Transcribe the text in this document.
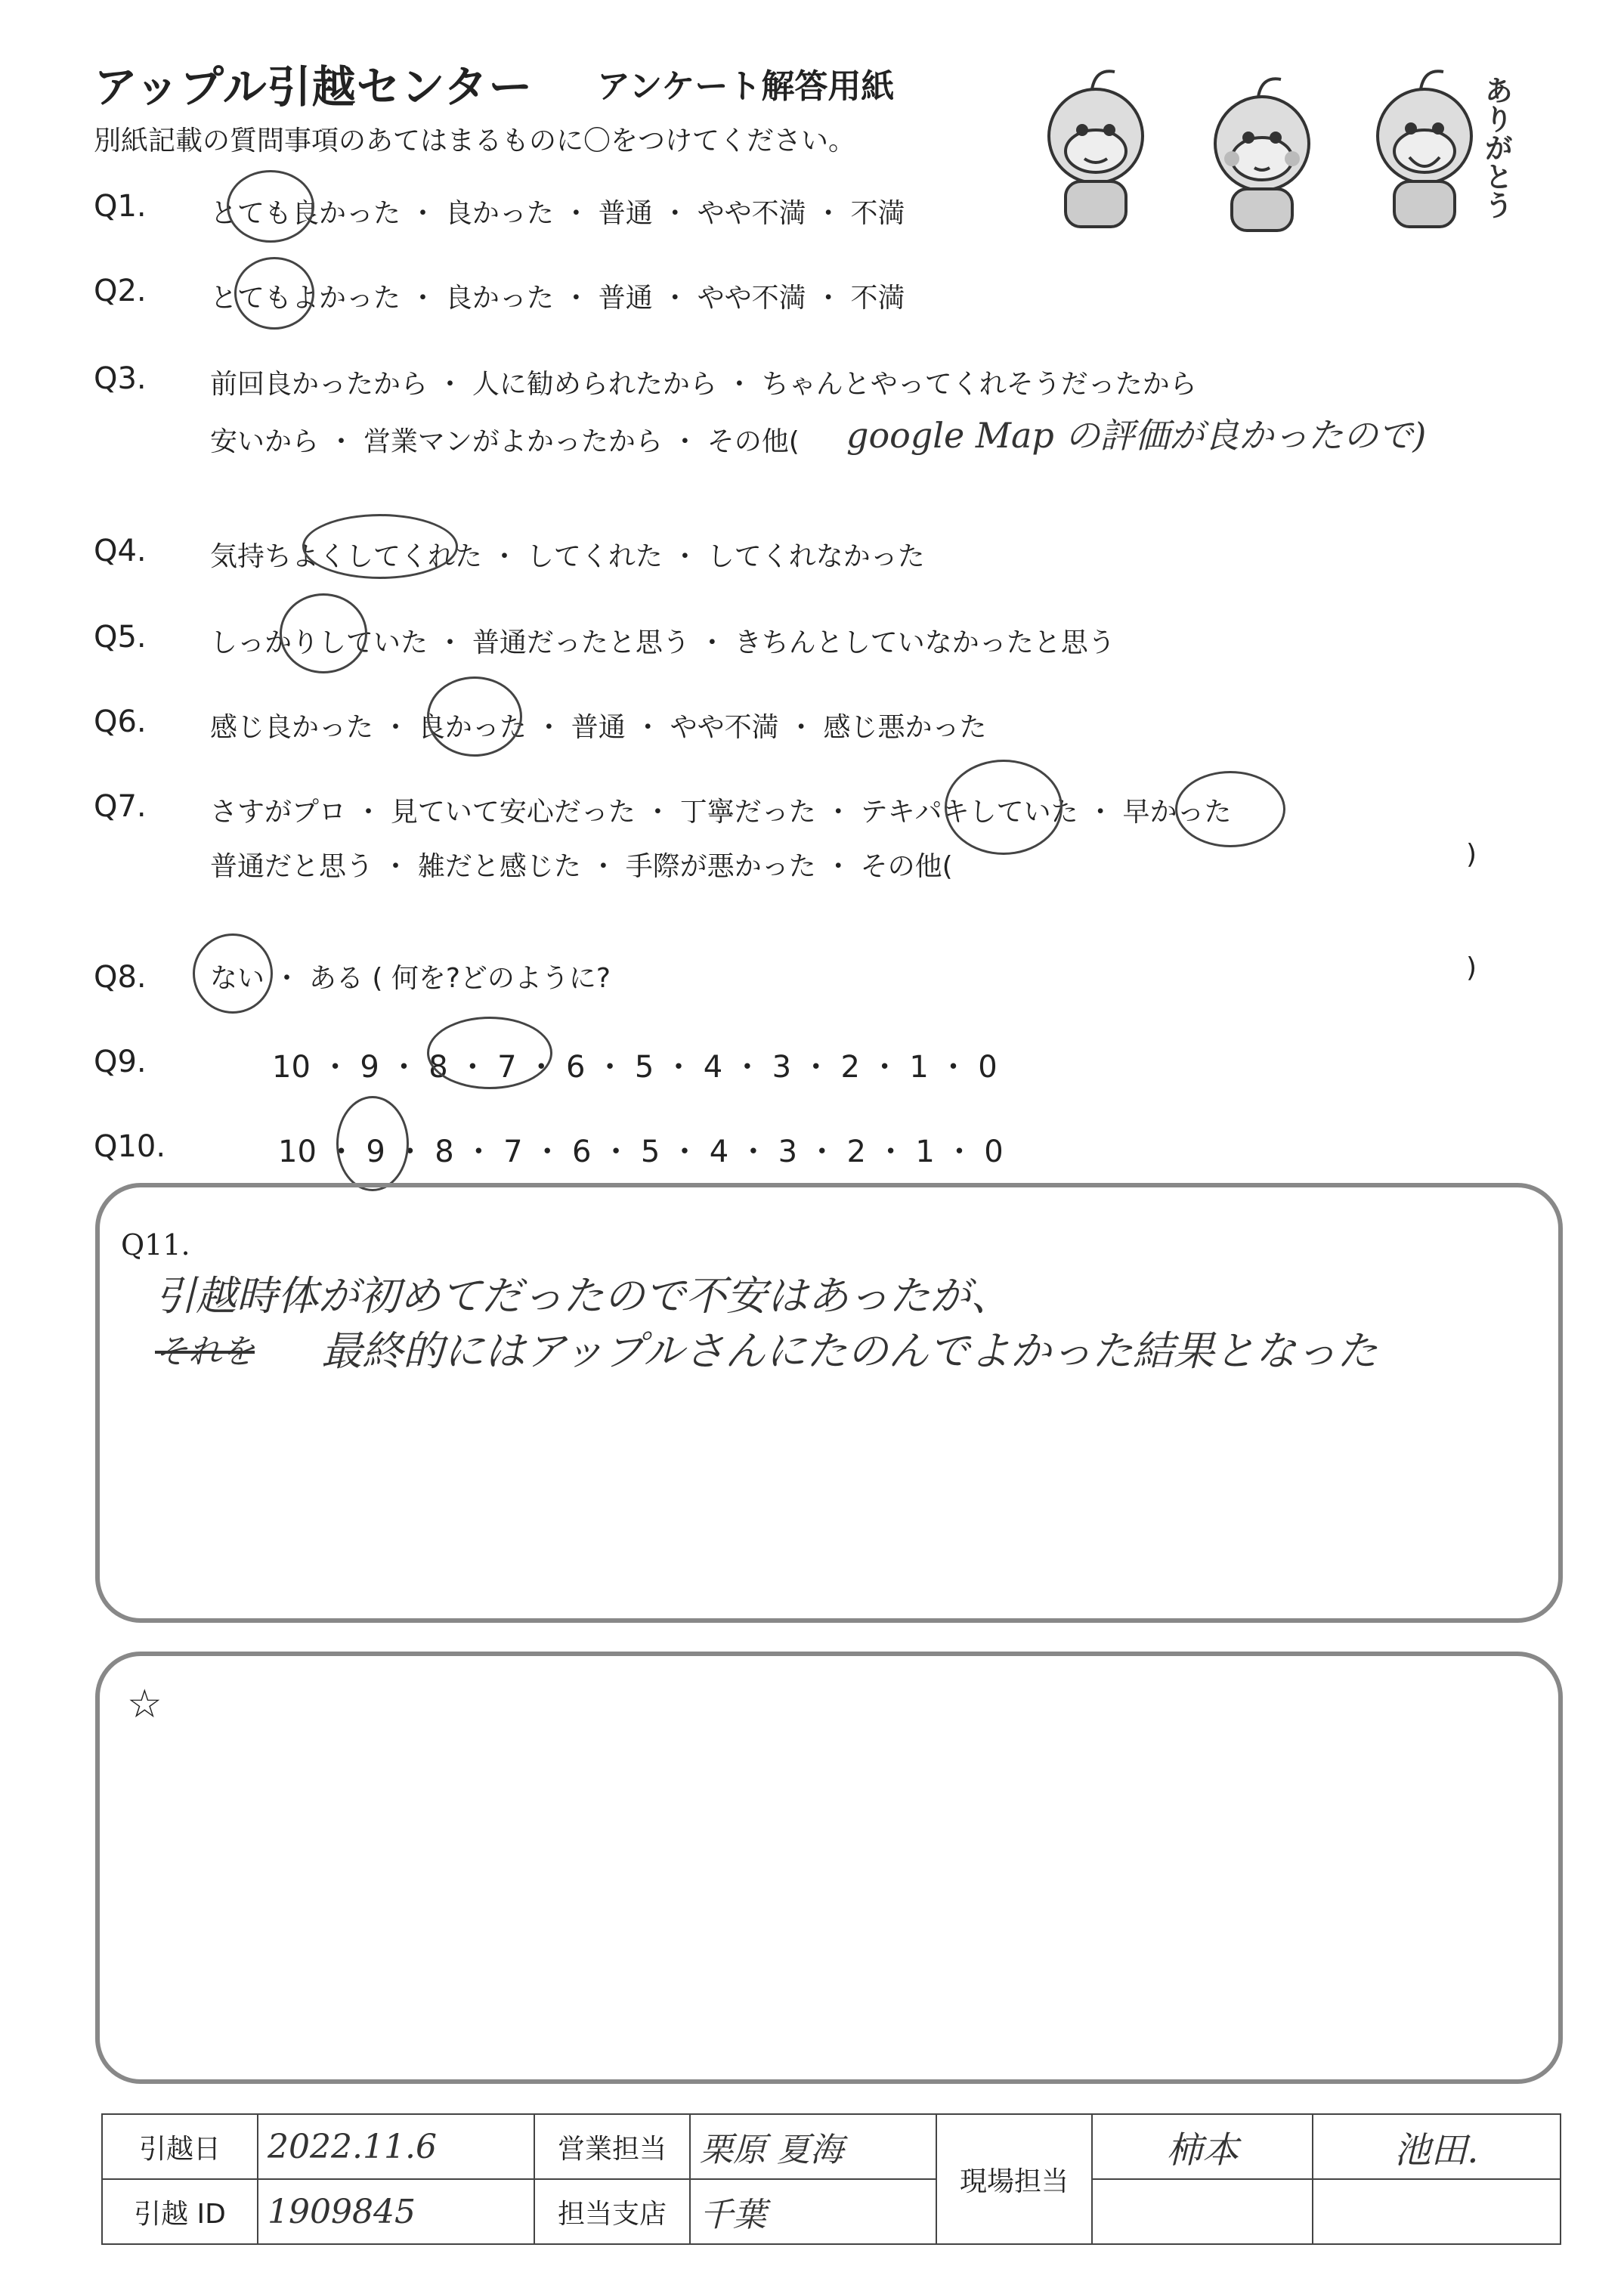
アップル引越センター アンケート解答用紙
別紙記載の質問事項のあてはまるものに〇をつけてください。	ありがとう
Q1. とても良かった ・ 良かった ・ 普通 ・ やや不満 ・ 不満
Q2. とてもよかった ・ 良かった ・ 普通 ・ やや不満 ・ 不満
Q3. 前回良かったから ・ 人に勧められたから ・ ちゃんとやってくれそうだったから
安いから ・ 営業マンがよかったから ・ その他( google Map の評価が良かったので)
Q4. 気持ちよくしてくれた ・ してくれた ・ してくれなかった
Q5. しっかりしていた ・ 普通だったと思う ・ きちんとしていなかったと思う
Q6. 感じ良かった ・ 良かった ・ 普通 ・ やや不満 ・ 感じ悪かった
Q7. さすがプロ ・ 見ていて安心だった ・ 丁寧だった ・ テキパキしていた ・ 早かった
普通だと思う ・ 雑だと感じた ・ 手際が悪かった ・ その他(	)
Q8. ない ・ ある ( 何を?どのように?	)
Q9.	10 ・ 9 ・ 8 ・ 7 ・ 6 ・ 5 ・ 4 ・ 3 ・ 2 ・ 1 ・ 0
Q10.	10 ・ 9 ・ 8 ・ 7 ・ 6 ・ 5 ・ 4 ・ 3 ・ 2 ・ 1 ・ 0
Q11.
引越時体が初めてだったので不安はあったが、
それを 最終的にはアップルさんにたのんでよかった結果となった
☆
引越日	2022.11.6	営業担当	栗原 夏海	現場担当	柿本	池田.
引越 ID	1909845	担当支店	千葉			
